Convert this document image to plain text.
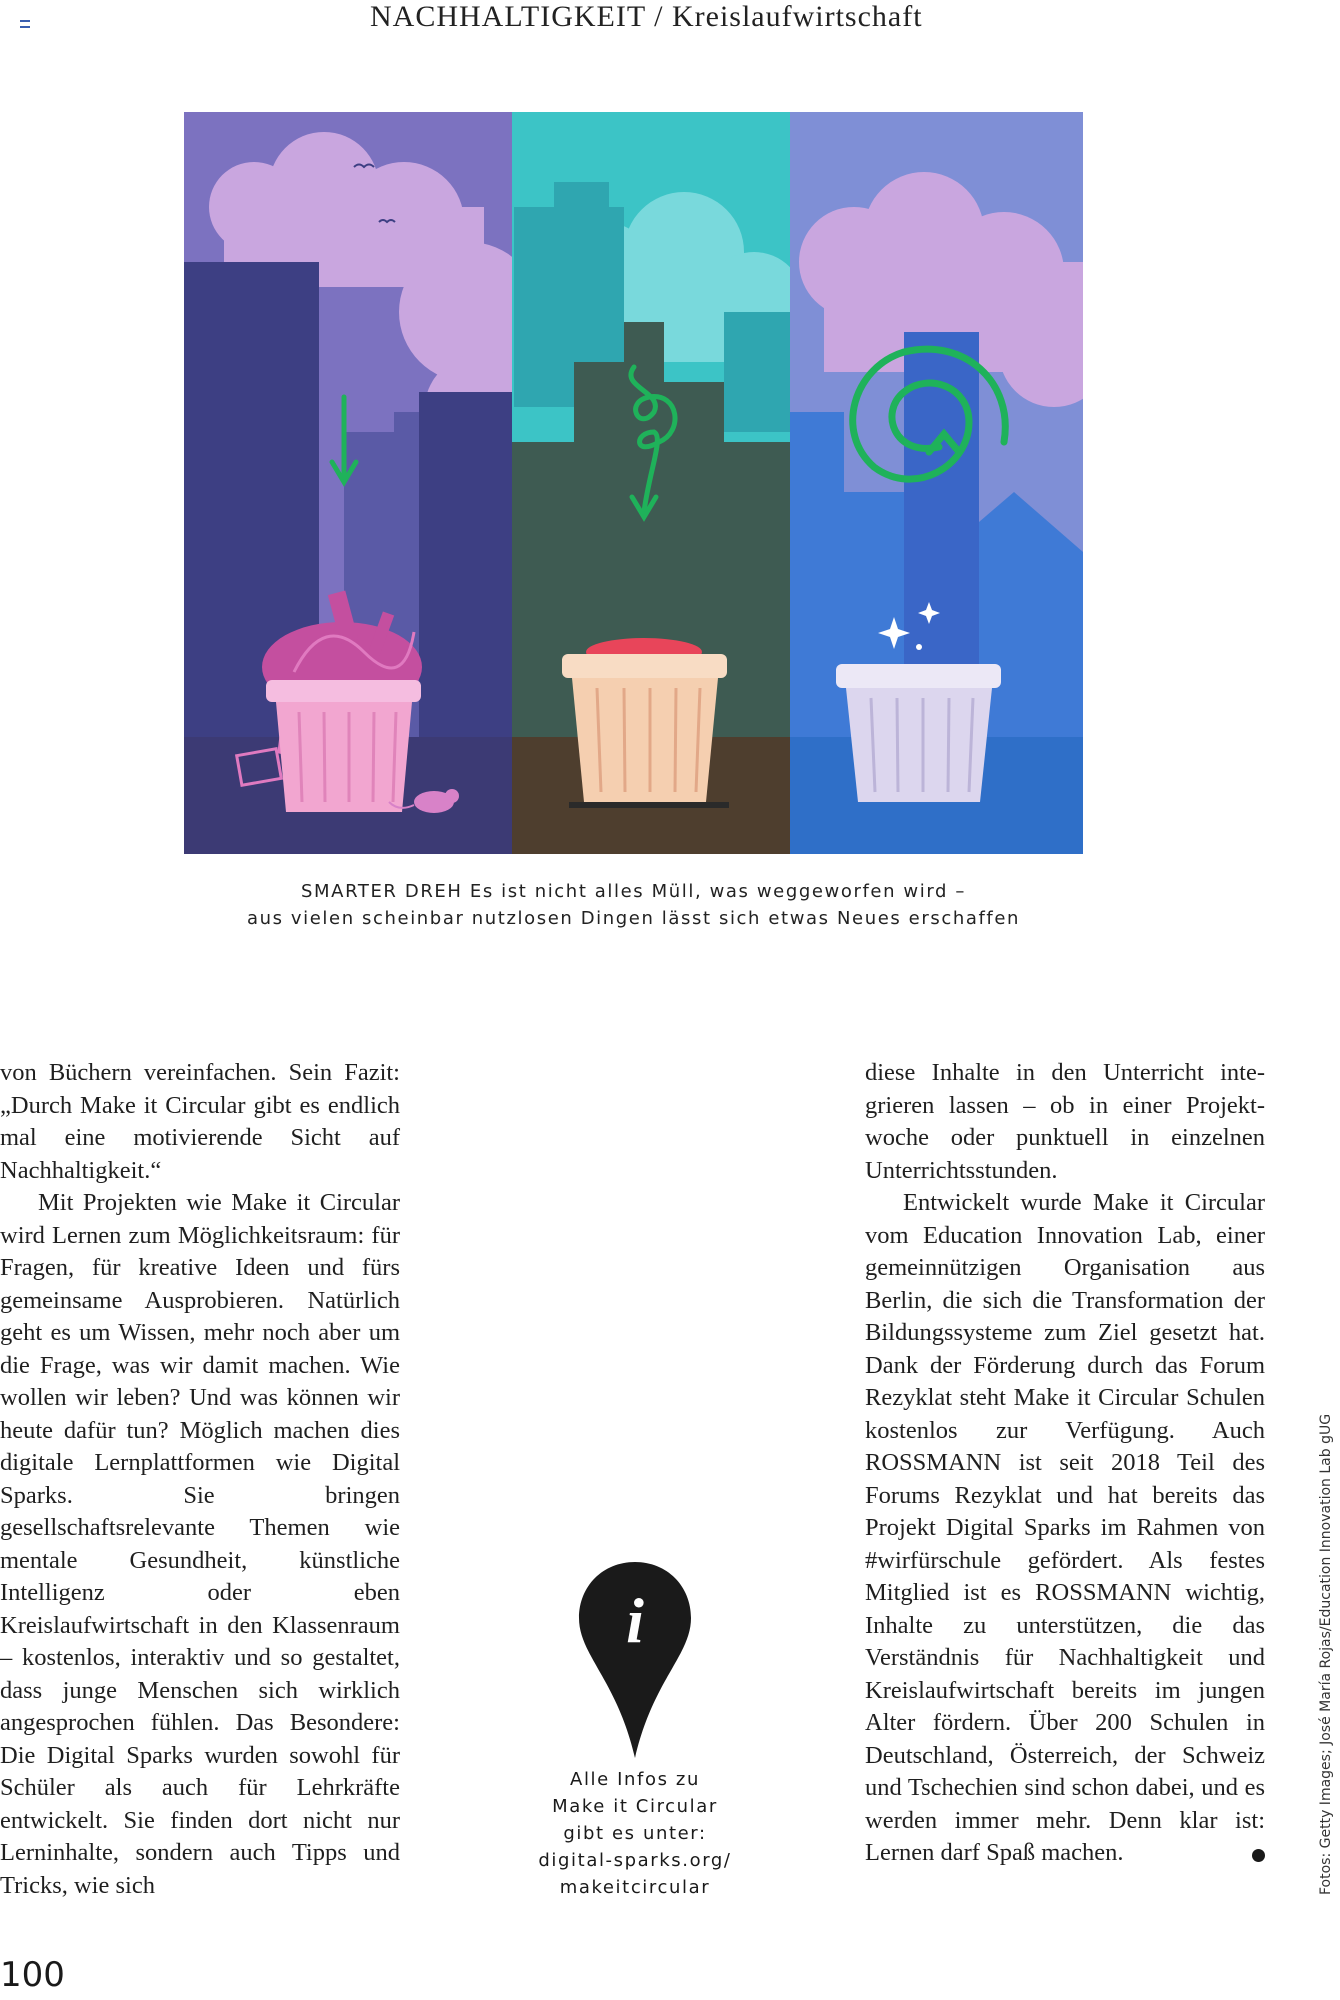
NACHHALTIGKEIT / Kreislaufwirtschaft
SMARTER DREH Es ist nicht alles Müll, was weggeworfen wird –
aus vielen scheinbar nutzlosen Dingen lässt sich etwas Neues erschaffen

von Büchern vereinfachen. Sein Fazit: „Durch Make it Circular gibt es endlich mal eine motivierende Sicht auf Nachhaltigkeit.“

Mit Projekten wie Make it Circular wird Lernen zum Möglichkeitsraum: für Fragen, für kreative Ideen und fürs gemeinsame Ausprobieren. Natürlich geht es um Wissen, mehr noch aber um die Frage, was wir damit machen. Wie wollen wir leben? Und was können wir heute dafür tun? Möglich machen dies digitale Lernplattformen wie Digital Sparks. Sie bringen gesellschaftsrelevante Themen wie mentale Gesundheit, künstliche Intelligenz oder eben Kreislaufwirtschaft in den Klassenraum – kostenlos, interaktiv und so gestaltet, dass junge Menschen sich wirklich angesprochen fühlen. Das Besondere: Die Digital Sparks wurden sowohl für Schüler als auch für Lehrkräfte entwickelt. Sie finden dort nicht nur Lerninhalte, sondern auch Tipps und Tricks, wie sich

i
Alle Infos zu
Make it Circular
gibt es unter:
digital-sparks.org/
makeitcircular

diese Inhalte in den Unterricht integrieren lassen – ob in einer Projektwoche oder punktuell in einzelnen Unterrichtsstunden.

Entwickelt wurde Make it Circular vom Education Innovation Lab, einer gemeinnützigen Organisation aus Berlin, die sich die Transformation der Bildungssysteme zum Ziel gesetzt hat. Dank der Förderung durch das Forum Rezyklat steht Make it Circular Schulen kostenlos zur Verfügung. Auch ROSSMANN ist seit 2018 Teil des Forums Rezyklat und hat bereits das Projekt Digital Sparks im Rahmen von #wirfürschule gefördert. Als festes Mitglied ist es ROSSMANN wichtig, Inhalte zu unterstützen, die das Verständnis für Nachhaltigkeit und Kreislaufwirtschaft bereits im jungen Alter fördern. Über 200 Schulen in Deutschland, Österreich, der Schweiz und Tschechien sind schon dabei, und es werden immer mehr. Denn klar ist: Lernen darf Spaß machen.	Fotos: Getty Images; José María Rojas/Education Innovation Lab gUG
100
